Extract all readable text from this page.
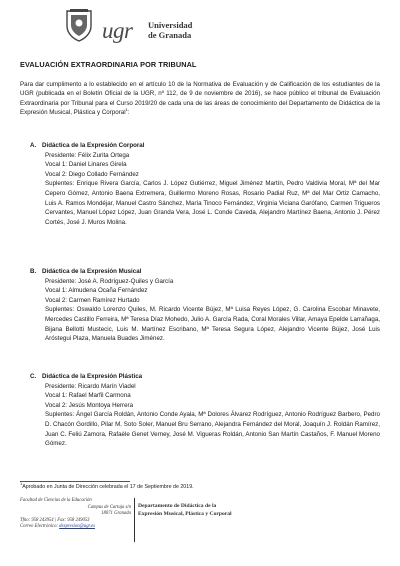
ugr Universidad
de Granada
EVALUACIÓN EXTRAORDINARIA POR TRIBUNAL
Para dar cumplimento a lo establecido en el artículo 10 de la Normativa de Evaluación y de Calificación de los estudiantes de la UGR (publicada en el Boletín Oficial de la UGR, nº 112, de 9 de noviembre de 2016), se hace público el tribunal de Evaluación Extraordinaria por Tribunal para el Curso 2019/20 de cada una de las áreas de conocimiento del Departamento de Didáctica de la Expresión Musical, Plástica y Corporal$^1$:
A. Didáctica de la Expresión Corporal
Presidente: Félix Zurita Ortega
Vocal 1: Daniel Linares Girela
Vocal 2: Diego Collado Fernández
Suplentes: Enrique Rivera García, Carlos J. López Gutiérrez, Miguel Jiménez Martín, Pedro Valdivia Moral, Mª del Mar Cepero Gómez, Antonio Baena Extremera, Guillermo Moreno Rosas, Rosario Padial Ruz, Mª del Mar Ortiz Camacho, Luis A. Ramos Mondéjar, Manuel Castro Sánchez, María Tinoco Fernández, Virginia Viciana Garófano, Carmen Trigueros Cervantes, Manuel López López, Juan Granda Vera, José L. Conde Caveda, Alejandro Martínez Baena, Antonio J. Pérez Cortés, José J. Muros Molina.
B. Didáctica de la Expresión Musical
Presidente: José A. Rodríguez-Quiles y García
Vocal 1: Almudena Ocaña Fernández
Vocal 2: Carmen Ramírez Hurtado
Suplentes: Oswaldo Lorenzo Quiles, M. Ricardo Vicente Bújez, Mª Luisa Reyes López, G. Carolina Escobar Minavete, Mercedes Castillo Ferreira, Mª Teresa Díaz Mohedo, Julio A. García Rada, Coral Morales Villar, Amaya Epelde Larrañaga, Bijana Bellotti Mustecic, Luis M. Martínez Escribano, Mª Teresa Segura López, Alejandro Vicente Bújez, José Luis Aróstegui Plaza, Manuela Buades Jiménez.
C. Didáctica de la Expresión Plástica
Presidente: Ricardo Marín Viadel
Vocal 1: Rafael Marfil Carmona
Vocal 2: Jesús Montoya Herrera
Suplentes: Ángel García Roldán, Antonio Conde Ayala, Mª Dolores Álvarez Rodríguez, Antonio Rodríguez Barbero, Pedro D. Chacón Gordillo, Pilar M. Soto Soler, Manuel Bru Serrano, Alejandra Fernández del Moral, Joaquín J. Roldán Ramírez, Juan C. Feliú Zamora, Rafaèle Genet Verney, José M. Vigueras Roldán, Antonio San Martín Castaños, F. Manuel Moreno Gómez.
$^1$Aprobado en Junta de Dirección celebrada el 17 de Septiembre de 2019.
Facultad de Ciencias de la Educación
Campus de Cartuja s/n
18071 Granada
Tfno: 958 243954 | Fax: 958 249053
Correo Electrónico: dexpresion@ugr.es
Departamento de Didáctica de la
Expresión Musical, Plástica y Corporal
